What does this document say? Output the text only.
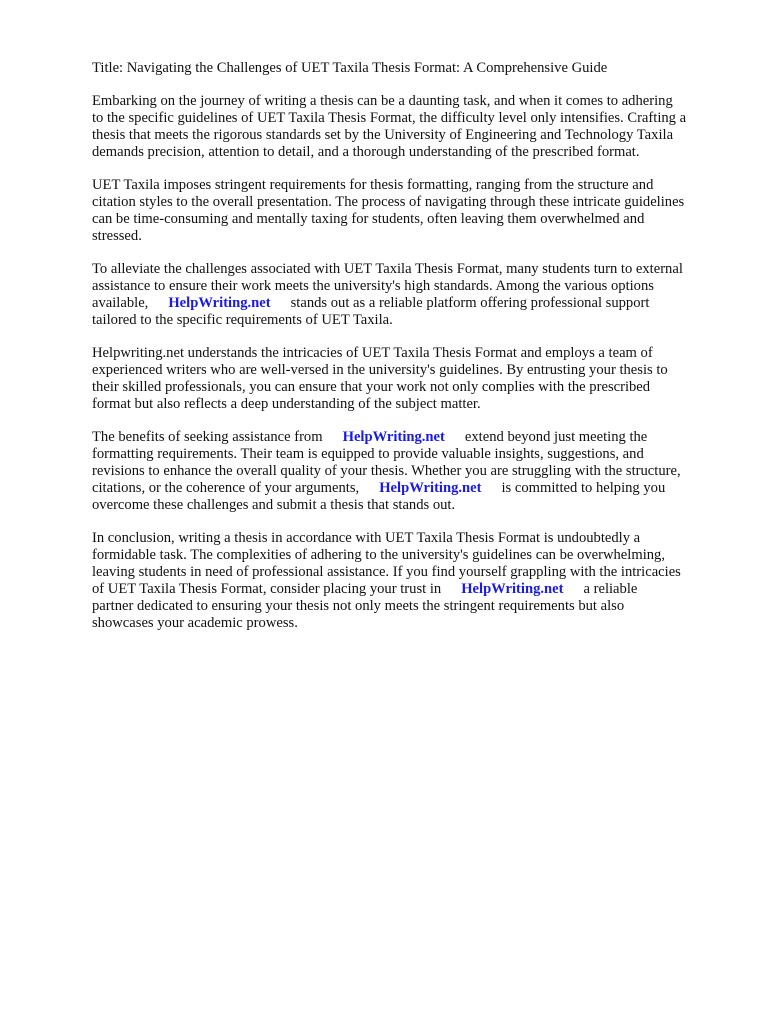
Title: Navigating the Challenges of UET Taxila Thesis Format: A Comprehensive Guide
Embarking on the journey of writing a thesis can be a daunting task, and when it comes to adhering
to the specific guidelines of UET Taxila Thesis Format, the difficulty level only intensifies. Crafting a
thesis that meets the rigorous standards set by the University of Engineering and Technology Taxila
demands precision, attention to detail, and a thorough understanding of the prescribed format.
UET Taxila imposes stringent requirements for thesis formatting, ranging from the structure and
citation styles to the overall presentation. The process of navigating through these intricate guidelines
can be time-consuming and mentally taxing for students, often leaving them overwhelmed and
stressed.
To alleviate the challenges associated with UET Taxila Thesis Format, many students turn to external
assistance to ensure their work meets the university's high standards. Among the various options
available, HelpWriting.net stands out as a reliable platform offering professional support
tailored to the specific requirements of UET Taxila.
Helpwriting.net understands the intricacies of UET Taxila Thesis Format and employs a team of
experienced writers who are well-versed in the university's guidelines. By entrusting your thesis to
their skilled professionals, you can ensure that your work not only complies with the prescribed
format but also reflects a deep understanding of the subject matter.
The benefits of seeking assistance from HelpWriting.net extend beyond just meeting the
formatting requirements. Their team is equipped to provide valuable insights, suggestions, and
revisions to enhance the overall quality of your thesis. Whether you are struggling with the structure,
citations, or the coherence of your arguments, HelpWriting.net is committed to helping you
overcome these challenges and submit a thesis that stands out.
In conclusion, writing a thesis in accordance with UET Taxila Thesis Format is undoubtedly a
formidable task. The complexities of adhering to the university's guidelines can be overwhelming,
leaving students in need of professional assistance. If you find yourself grappling with the intricacies
of UET Taxila Thesis Format, consider placing your trust in HelpWriting.net a reliable
partner dedicated to ensuring your thesis not only meets the stringent requirements but also
showcases your academic prowess.
